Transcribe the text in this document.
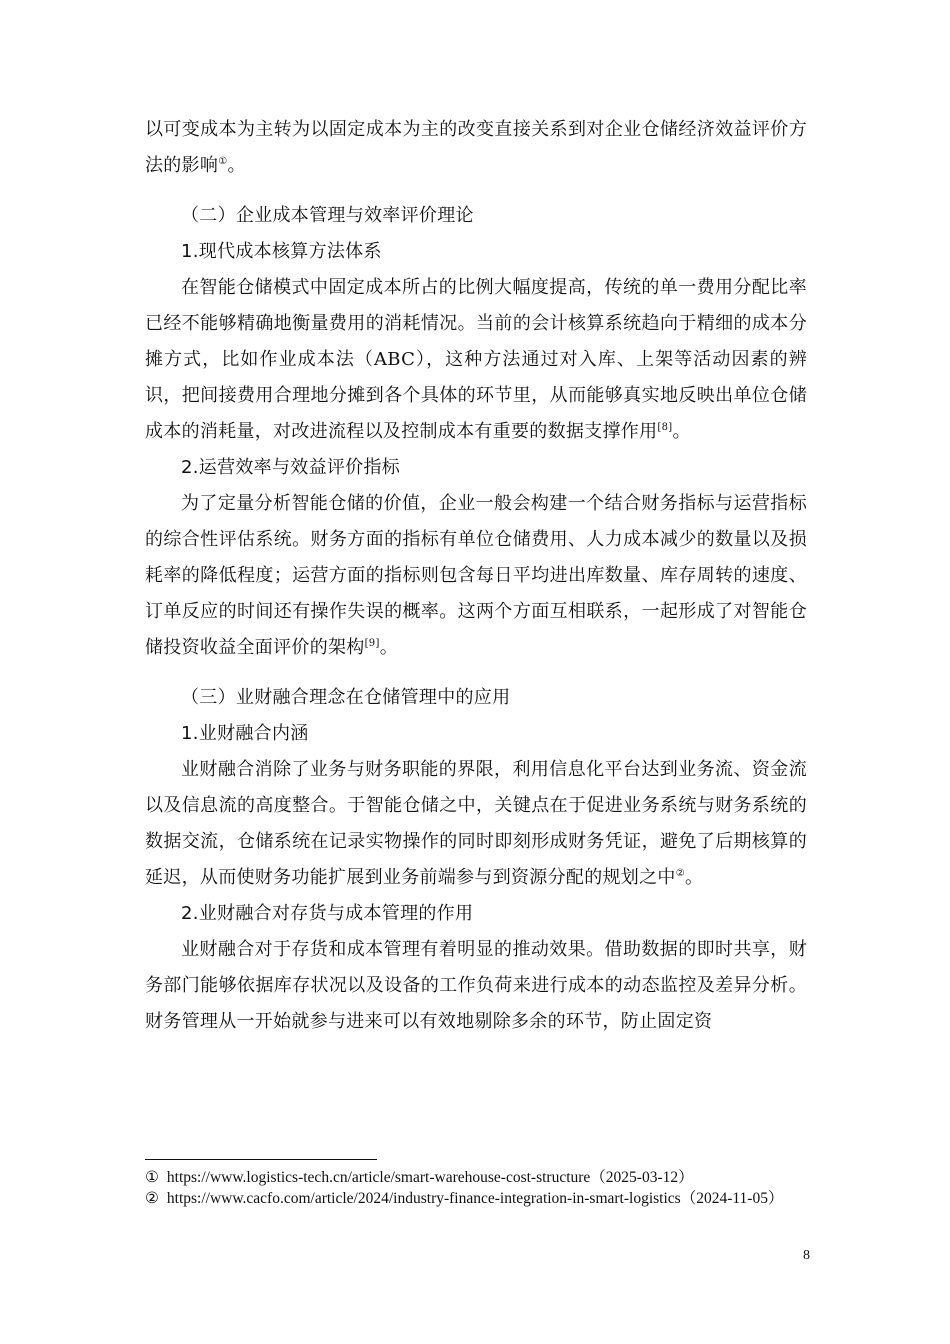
以可变成本为主转为以固定成本为主的改变直接关系到对企业仓储经济效益评价方法的影响①。

（二）企业成本管理与效率评价理论
1.现代成本核算方法体系

在智能仓储模式中固定成本所占的比例大幅度提高，传统的单一费用分配比率已经不能够精确地衡量费用的消耗情况。当前的会计核算系统趋向于精细的成本分摊方式，比如作业成本法（ABC），这种方法通过对入库、上架等活动因素的辨识，把间接费用合理地分摊到各个具体的环节里，从而能够真实地反映出单位仓储成本的消耗量，对改进流程以及控制成本有重要的数据支撑作用[8]。

2.运营效率与效益评价指标

为了定量分析智能仓储的价值，企业一般会构建一个结合财务指标与运营指标的综合性评估系统。财务方面的指标有单位仓储费用、人力成本减少的数量以及损耗率的降低程度；运营方面的指标则包含每日平均进出库数量、库存周转的速度、订单反应的时间还有操作失误的概率。这两个方面互相联系，一起形成了对智能仓储投资收益全面评价的架构[9]。

（三）业财融合理念在仓储管理中的应用
1.业财融合内涵

业财融合消除了业务与财务职能的界限，利用信息化平台达到业务流、资金流以及信息流的高度整合。于智能仓储之中，关键点在于促进业务系统与财务系统的数据交流，仓储系统在记录实物操作的同时即刻形成财务凭证，避免了后期核算的延迟，从而使财务功能扩展到业务前端参与到资源分配的规划之中②。

2.业财融合对存货与成本管理的作用

业财融合对于存货和成本管理有着明显的推动效果。借助数据的即时共享，财务部门能够依据库存状况以及设备的工作负荷来进行成本的动态监控及差异分析。财务管理从一开始就参与进来可以有效地剔除多余的环节，防止固定资

① https://www.logistics-tech.cn/article/smart-warehouse-cost-structure（2025-03-12）

② https://www.cacfo.com/article/2024/industry-finance-integration-in-smart-logistics（2024-11-05）

8
